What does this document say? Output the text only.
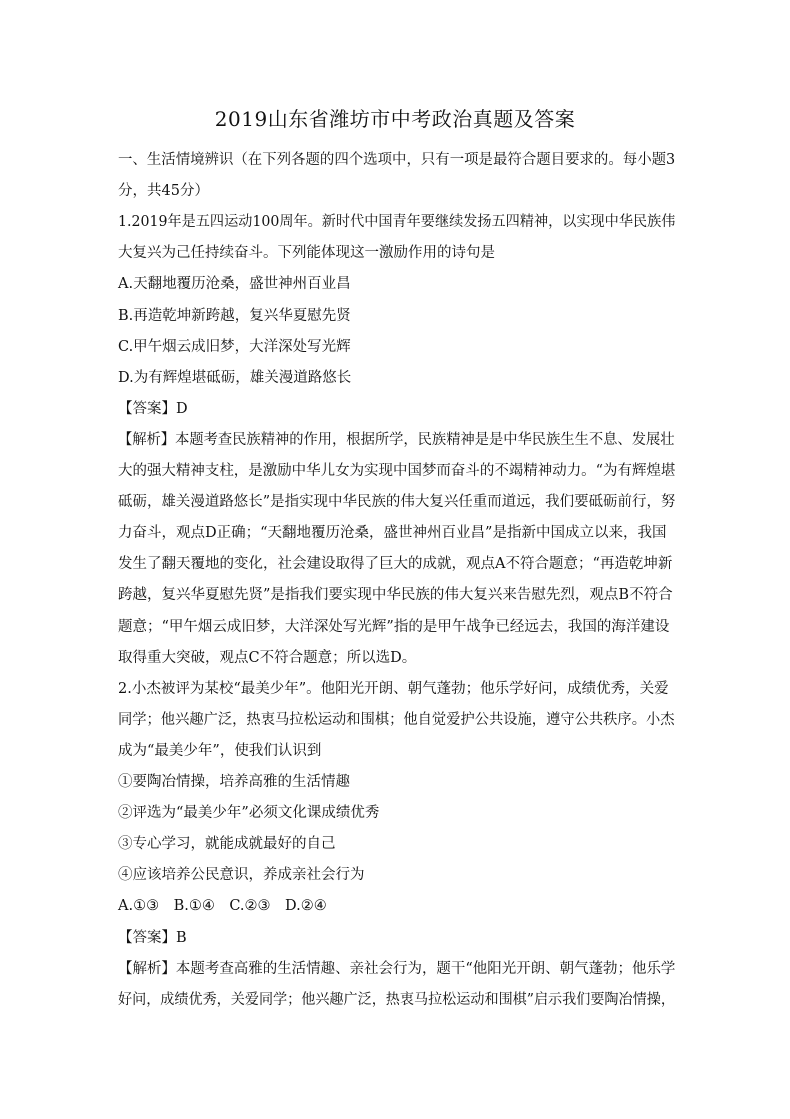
2019山东省潍坊市中考政治真题及答案
一、生活情境辨识（在下列各题的四个选项中，只有一项是最符合题目要求的。每小题3
分，共45分）
1.2019年是五四运动100周年。新时代中国青年要继续发扬五四精神，以实现中华民族伟
大复兴为己任持续奋斗。下列能体现这一激励作用的诗句是
A.天翻地覆历沧桑，盛世神州百业昌
B.再造乾坤新跨越，复兴华夏慰先贤
C.甲午烟云成旧梦，大洋深处写光辉
D.为有辉煌堪砥砺，雄关漫道路悠长
【答案】D
【解析】本题考查民族精神的作用，根据所学，民族精神是是中华民族生生不息、发展壮
大的强大精神支柱，是激励中华儿女为实现中国梦而奋斗的不竭精神动力。“为有辉煌堪
砥砺，雄关漫道路悠长”是指实现中华民族的伟大复兴任重而道远，我们要砥砺前行，努
力奋斗，观点D正确；“天翻地覆历沧桑，盛世神州百业昌”是指新中国成立以来，我国
发生了翻天覆地的变化，社会建设取得了巨大的成就，观点A不符合题意；“再造乾坤新
跨越，复兴华夏慰先贤”是指我们要实现中华民族的伟大复兴来告慰先烈，观点B不符合
题意；“甲午烟云成旧梦，大洋深处写光辉”指的是甲午战争已经远去，我国的海洋建设
取得重大突破，观点C不符合题意；所以选D。
2.小杰被评为某校“最美少年”。他阳光开朗、朝气蓬勃；他乐学好问，成绩优秀，关爱
同学；他兴趣广泛，热衷马拉松运动和围棋；他自觉爱护公共设施，遵守公共秩序。小杰
成为“最美少年”，使我们认识到
①要陶冶情操，培养高雅的生活情趣
②评选为“最美少年”必须文化课成绩优秀
③专心学习，就能成就最好的自己
④应该培养公民意识，养成亲社会行为
A.①③　B.①④　C.②③　D.②④
【答案】B
【解析】本题考查高雅的生活情趣、亲社会行为，题干“他阳光开朗、朝气蓬勃；他乐学
好问，成绩优秀，关爱同学；他兴趣广泛，热衷马拉松运动和围棋”启示我们要陶冶情操，
